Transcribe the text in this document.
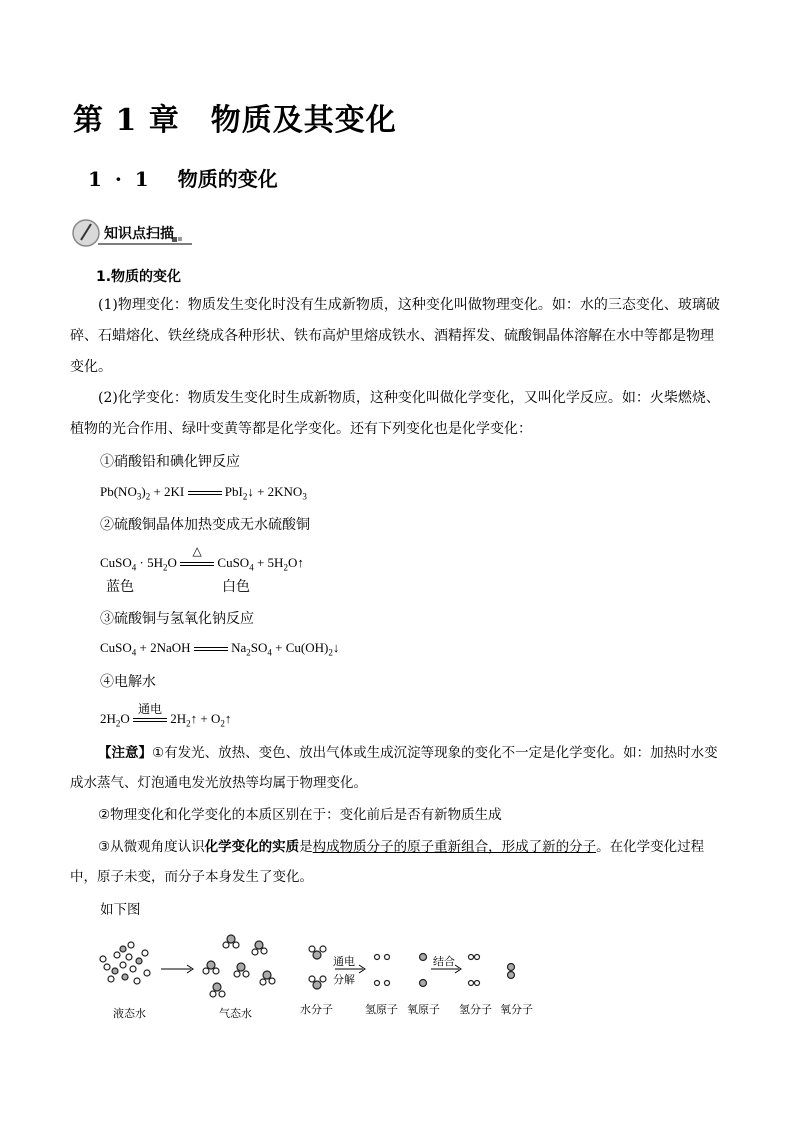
第 1 章　物质及其变化
1 · 1 物质的变化
知识点扫描
1.物质的变化
(1)物理变化：物质发生变化时没有生成新物质，这种变化叫做物理变化。如：水的三态变化、玻璃破碎、石蜡熔化、铁丝绕成各种形状、铁布高炉里熔成铁水、酒精挥发、硫酸铜晶体溶解在水中等都是物理变化。
(2)化学变化：物质发生变化时生成新物质，这种变化叫做化学变化，又叫化学反应。如：火柴燃烧、植物的光合作用、绿叶变黄等都是化学变化。还有下列变化也是化学变化：
①硝酸铅和碘化钾反应
$Pb(NO_3)_2 + 2KI$	PbI$_2$↓ + $2KNO_3$
②硫酸铜晶体加热变成无水硫酸铜
CuSO$_4$ · $5H_2O$
△
CuSO$_4$ + $5H_2O↑$
蓝色	白色
③硫酸铜与氢氧化钠反应
CuSO$_4$ + 2NaOH	$Na_2SO_4$ + $Cu(OH)_2↓$
④电解水
$2H_2O$
通电
$2H_2↑$ + $O_2↑$
【注意】①有发光、放热、变色、放出气体或生成沉淀等现象的变化不一定是化学变化。如：加热时水变成水蒸气、灯泡通电发光放热等均属于物理变化。
②物理变化和化学变化的本质区别在于：变化前后是否有新物质生成
③从微观角度认识化学变化的实质是构成物质分子的原子重新组合，形成了新的分子。在化学变化过程中，原子未变，而分子本身发生了变化。
如下图
通电
分解
结合
液态水	气态水	水分子	氢原子 氧原子 氢分子 氧分子
